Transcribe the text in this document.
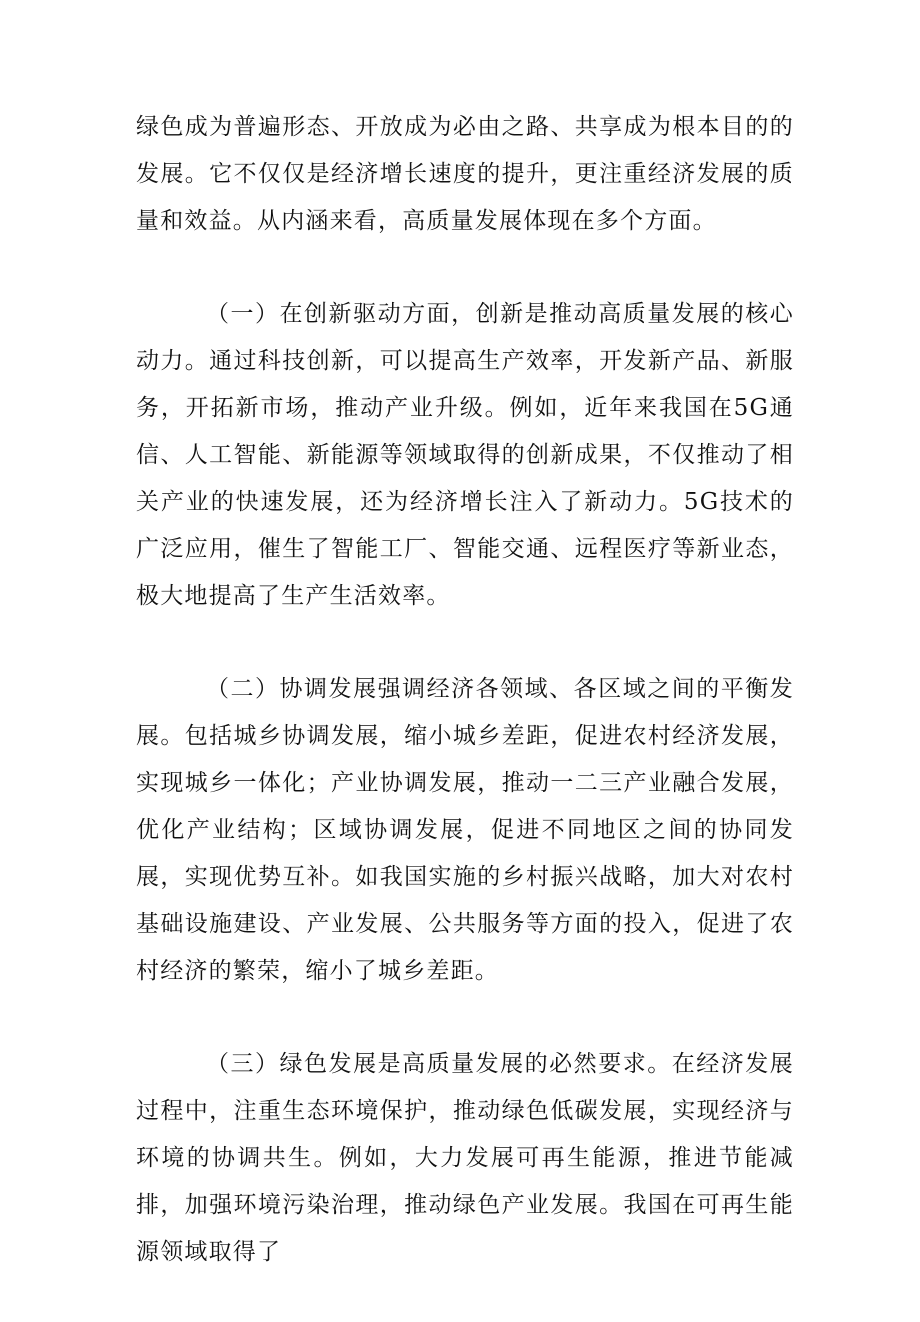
绿色成为普遍形态、开放成为必由之路、共享成为根本目的的发展。它不仅仅是经济增长速度的提升，更注重经济发展的质量和效益。从内涵来看，高质量发展体现在多个方面。

（一）在创新驱动方面，创新是推动高质量发展的核心动力。通过科技创新，可以提高生产效率，开发新产品、新服务，开拓新市场，推动产业升级。例如，近年来我国在5G通信、人工智能、新能源等领域取得的创新成果，不仅推动了相关产业的快速发展，还为经济增长注入了新动力。5G技术的广泛应用，催生了智能工厂、智能交通、远程医疗等新业态，极大地提高了生产生活效率。

（二）协调发展强调经济各领域、各区域之间的平衡发展。包括城乡协调发展，缩小城乡差距，促进农村经济发展，实现城乡一体化；产业协调发展，推动一二三产业融合发展，优化产业结构；区域协调发展，促进不同地区之间的协同发展，实现优势互补。如我国实施的乡村振兴战略，加大对农村基础设施建设、产业发展、公共服务等方面的投入，促进了农村经济的繁荣，缩小了城乡差距。

（三）绿色发展是高质量发展的必然要求。在经济发展过程中，注重生态环境保护，推动绿色低碳发展，实现经济与环境的协调共生。例如，大力发展可再生能源，推进节能减排，加强环境污染治理，推动绿色产业发展。我国在可再生能源领域取得了
